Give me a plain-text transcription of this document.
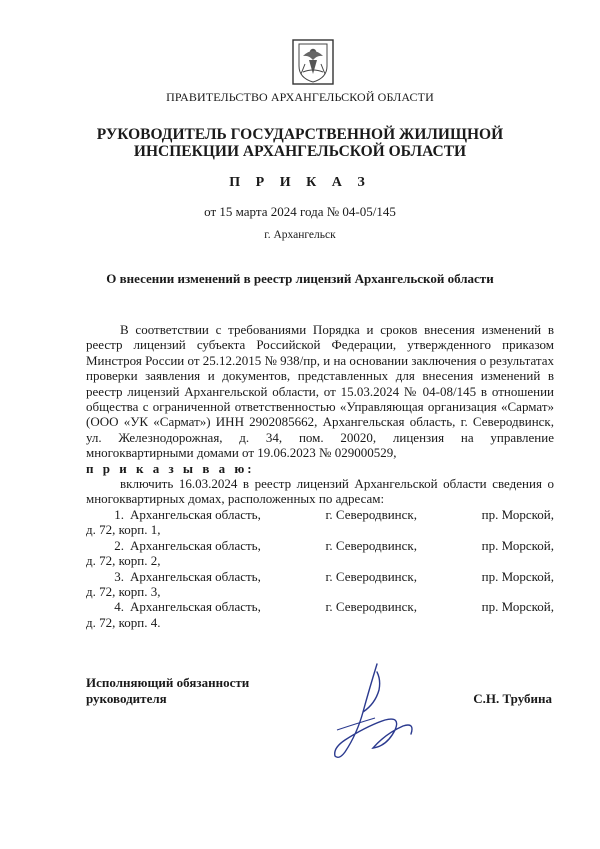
ПРАВИТЕЛЬСТВО АРХАНГЕЛЬСКОЙ ОБЛАСТИ
РУКОВОДИТЕЛЬ ГОСУДАРСТВЕННОЙ ЖИЛИЩНОЙ
ИНСПЕКЦИИ АРХАНГЕЛЬСКОЙ ОБЛАСТИ
П Р И К А З
от 15 марта 2024 года № 04-05/145
г. Архангельск
О внесении изменений в реестр лицензий Архангельской области

В соответствии с требованиями Порядка и сроков внесения изменений в реестр лицензий субъекта Российской Федерации, утвержденного приказом Минстроя России от 25.12.2015 № 938/пр, и на основании заключения о результатах проверки заявления и документов, представленных для внесения изменений в реестр лицензий Архангельской области, от 15.03.2024 № 04-08/145 в отношении общества с ограниченной ответственностью «Управляющая организация «Сармат» (ООО «УК «Сармат») ИНН 2902085662, Архангельская область, г. Северодвинск, ул. Железнодорожная, д. 34, пом. 20020, лицензия на управление многоквартирными домами от 19.06.2023 № 029000529,

п р и к а з ы в а ю:

включить 16.03.2024 в реестр лицензий Архангельской области сведения о многоквартирных домах, расположенных по адресам:

1. Архангельская область,	г. Северодвинск,	пр. Морской,
д. 72, корп. 1,
2. Архангельская область,	г. Северодвинск,	пр. Морской,
д. 72, корп. 2,
3. Архангельская область,	г. Северодвинск,	пр. Морской,
д. 72, корп. 3,
4. Архангельская область,	г. Северодвинск,	пр. Морской,
д. 72, корп. 4.
Исполняющий обязанности
руководителя	С.Н. Трубина
